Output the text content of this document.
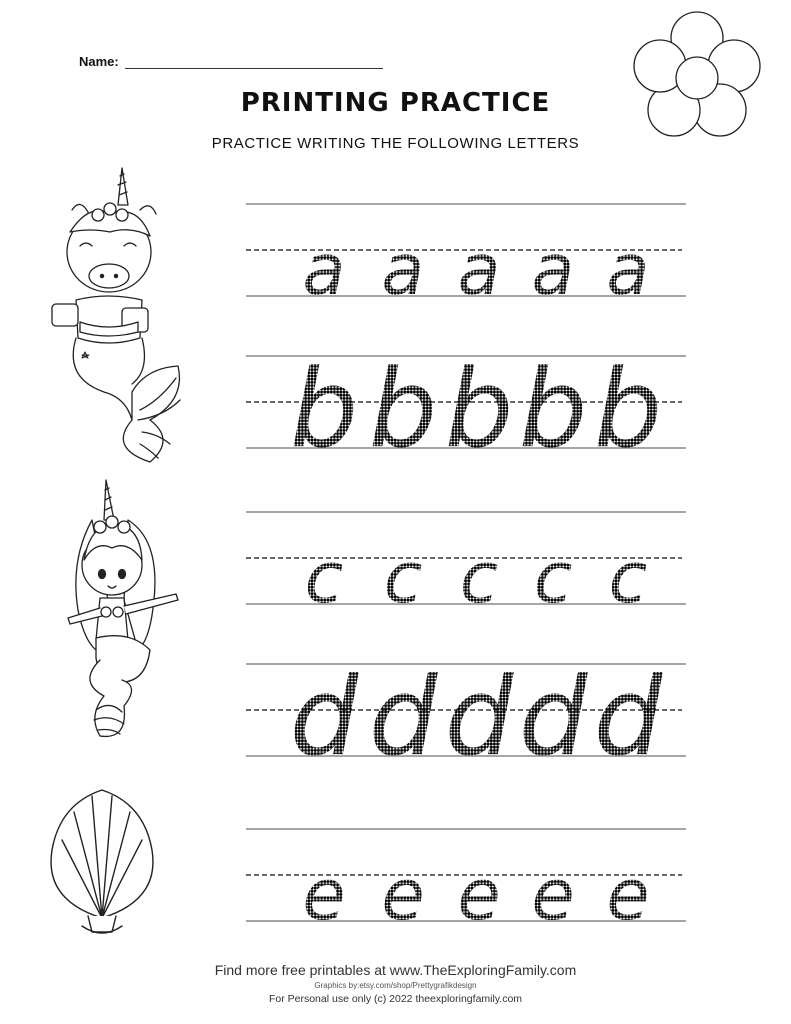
Name:
PRINTING PRACTICE
PRACTICE WRITING THE FOLLOWING LETTERS
a a a a a
b b b b b
c c c c c
d d d d d
e e e e e
Find more free printables at www.TheExploringFamily.com
Graphics by:etsy.com/shop/Prettygrafikdesign
For Personal use only (c) 2022 theexploringfamily.com
